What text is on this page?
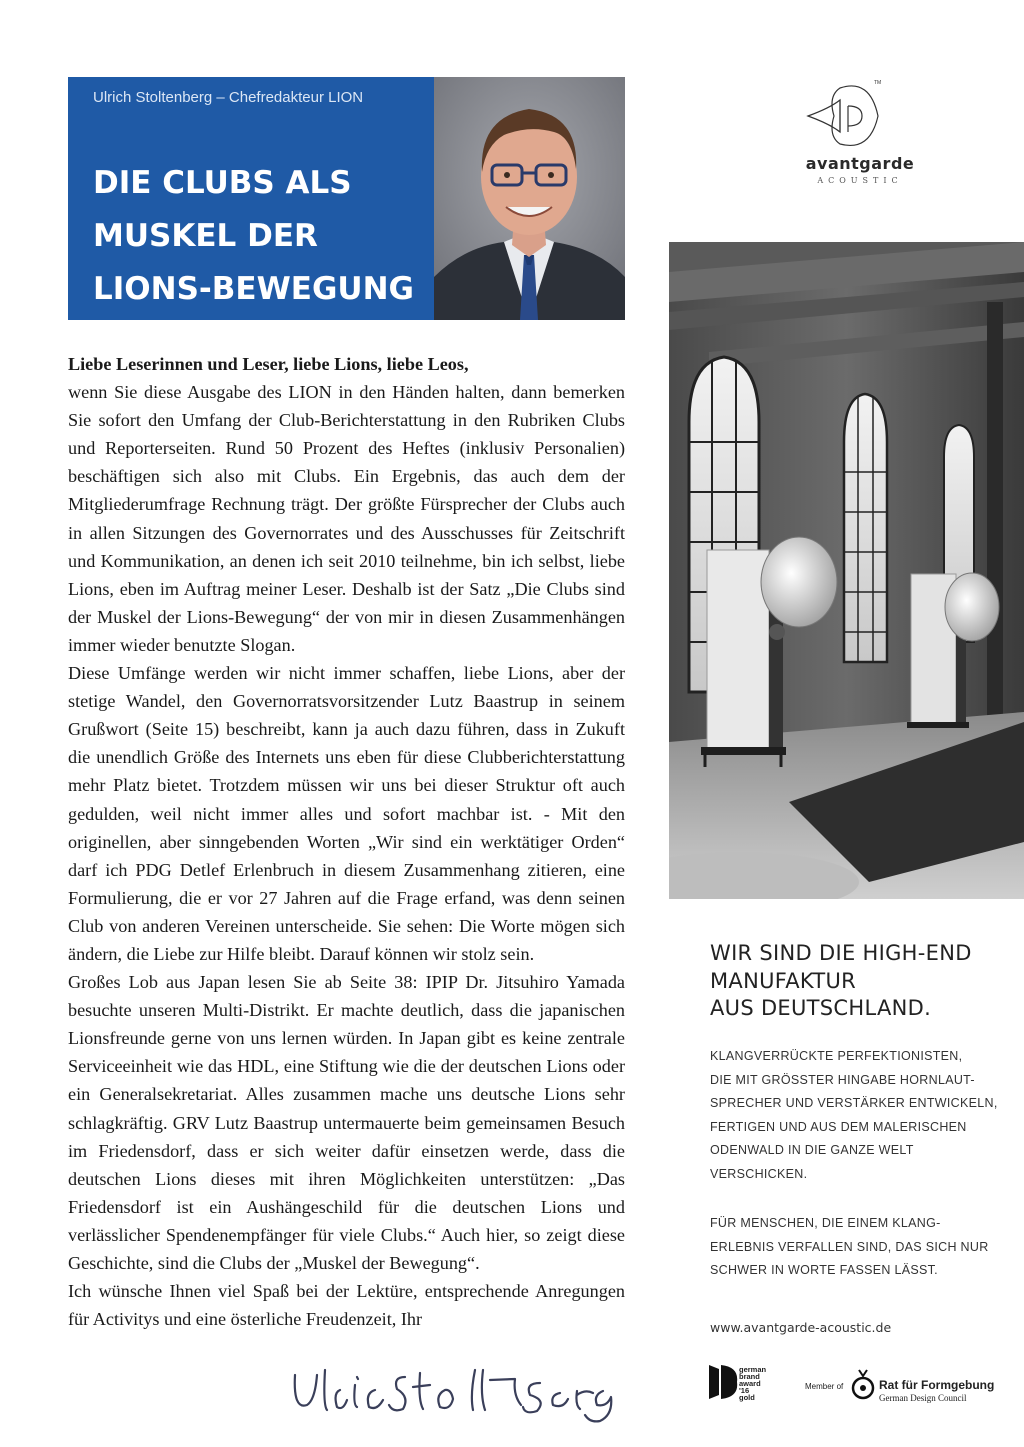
Ulrich Stoltenberg – Chefredakteur LION
DIE CLUBS ALS
MUSKEL DER
LIONS-BEWEGUNG

Liebe Leserinnen und Leser, liebe Lions, liebe Leos,

wenn Sie diese Ausgabe des LION in den Händen halten, dann bemerken Sie sofort den Umfang der Club-Berichterstattung in den Rubriken Clubs und Reporterseiten. Rund 50 Prozent des Heftes (inklusiv Personalien) beschäftigen sich also mit Clubs. Ein Ergebnis, das auch dem der Mitgliederumfrage Rechnung trägt. Der größte Fürsprecher der Clubs auch in allen Sitzungen des Governorrates und des Ausschusses für Zeitschrift und Kommunikation, an denen ich seit 2010 teilnehme, bin ich selbst, liebe Lions, eben im Auftrag meiner Leser. Deshalb ist der Satz „Die Clubs sind der Muskel der Lions-Bewegung“ der von mir in diesen Zusammenhängen immer wieder benutzte Slogan.

Diese Umfänge werden wir nicht immer schaffen, liebe Lions, aber der stetige Wandel, den Governorratsvorsitzender Lutz Baastrup in seinem Grußwort (Seite 15) beschreibt, kann ja auch dazu führen, dass in Zukuft die unendlich Größe des Internets uns eben für diese Clubberichterstattung mehr Platz bietet. Trotzdem müssen wir uns bei dieser Struktur oft auch gedulden, weil nicht immer alles und sofort machbar ist. - Mit den originellen, aber sinngebenden Worten „Wir sind ein werktätiger Orden“ darf ich PDG Detlef Erlenbruch in diesem Zusammenhang zitieren, eine Formulierung, die er vor 27 Jahren auf die Frage erfand, was denn seinen Club von anderen Vereinen unterscheide. Sie sehen: Die Worte mögen sich ändern, die Liebe zur Hilfe bleibt. Darauf können wir stolz sein.

Großes Lob aus Japan lesen Sie ab Seite 38: IPIP Dr. Jitsuhiro Yamada besuchte unseren Multi-Distrikt. Er machte deutlich, dass die japanischen Lionsfreunde gerne von uns lernen würden. In Japan gibt es keine zentrale Serviceeinheit wie das HDL, eine Stiftung wie die der deutschen Lions oder ein Generalsekretariat. Alles zusammen mache uns deutsche Lions sehr schlagkräftig. GRV Lutz Baastrup untermauerte beim gemeinsamen Besuch im Friedensdorf, dass er sich weiter dafür einsetzen werde, dass die deutschen Lions dieses mit ihren Möglichkeiten unterstützen: „Das Friedensdorf ist ein Aushängeschild für die deutschen Lions und verlässlicher Spendenempfänger für viele Clubs.“ Auch hier, so zeigt diese Geschichte, sind die Clubs der „Muskel der Bewegung“.

Ich wünsche Ihnen viel Spaß bei der Lektüre, entsprechende Anregungen für Activitys und eine österliche Freudenzeit, Ihr

TM
avantgarde
ACOUSTIC
WIR SIND DIE HIGH-END
MANUFAKTUR
AUS DEUTSCHLAND.
KLANGVERRÜCKTE PERFEKTIONISTEN,
DIE MIT GRÖSSTER HINGABE HORNLAUT-
SPRECHER UND VERSTÄRKER ENTWICKELN,
FERTIGEN UND AUS DEM MALERISCHEN
ODENWALD IN DIE GANZE WELT
VERSCHICKEN.
FÜR MENSCHEN, DIE EINEM KLANG-
ERLEBNIS VERFALLEN SIND, DAS SICH NUR
SCHWER IN WORTE FASSEN LÄSST.
www.avantgarde-acoustic.de
german
brand
award
'16
gold
Member of	Rat für Formgebung
German Design Council
